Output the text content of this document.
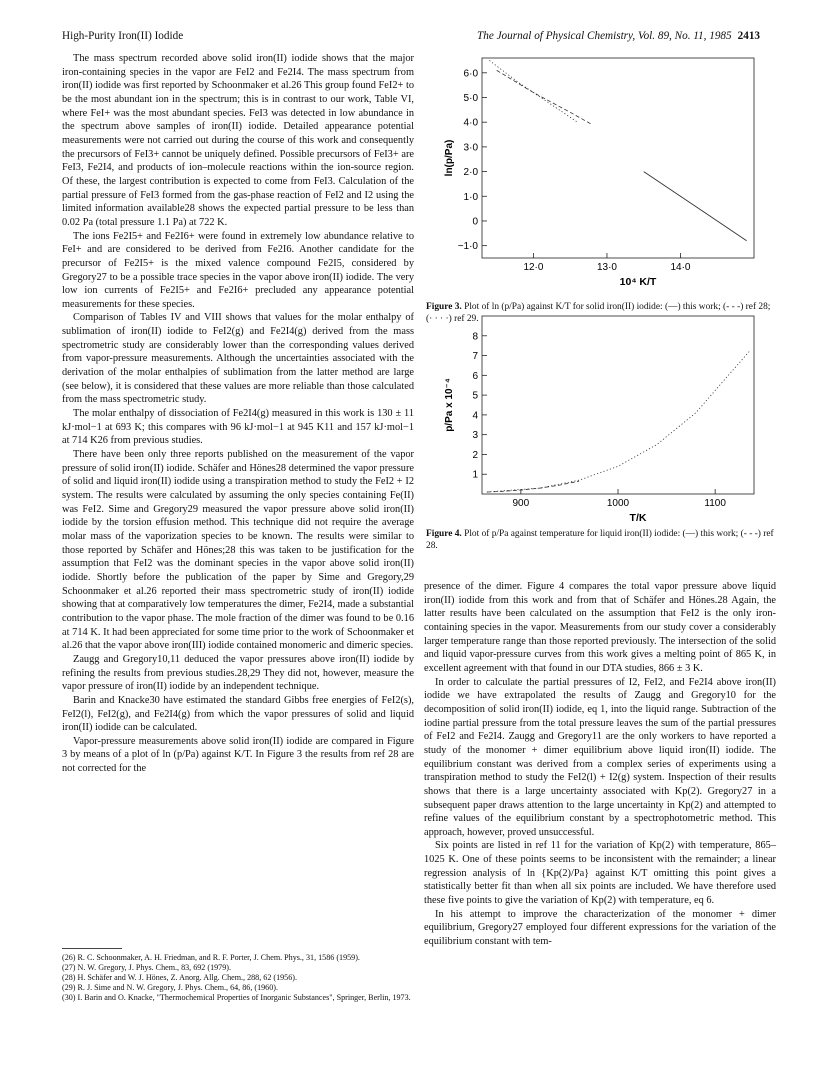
High-Purity Iron(II) Iodide	The Journal of Physical Chemistry, Vol. 89, No. 11, 1985 2413

The mass spectrum recorded above solid iron(II) iodide shows that the major iron-containing species in the vapor are FeI2 and Fe2I4. The mass spectrum from iron(II) iodide was first reported by Schoonmaker et al.26 This group found FeI2+ to be the most abundant ion in the spectrum; this is in contrast to our work, Table VI, where FeI+ was the most abundant species. FeI3 was detected in low abundance in the spectrum above samples of iron(II) iodide. Detailed appearance potential measurements were not carried out during the course of this work and consequently the precursors of FeI3+ cannot be uniquely defined. Possible precursors of FeI3+ are FeI3, Fe2I4, and products of ion–molecule reactions within the ion-source region. Of these, the largest contribution is expected to come from FeI3. Calculation of the partial pressure of FeI3 formed from the gas-phase reaction of FeI2 and I2 using the limited information available28 shows the expected partial pressure to be less than 0.02 Pa (total pressure 1.1 Pa) at 722 K.

The ions Fe2I5+ and Fe2I6+ were found in extremely low abundance relative to FeI+ and are considered to be derived from Fe2I6. Another candidate for the precursor of Fe2I5+ is the mixed valence compound Fe2I5, considered by Gregory27 to be a possible trace species in the vapor above iron(II) iodide. The very low ion currents of Fe2I5+ and Fe2I6+ precluded any appearance potential measurements for these species.

Comparison of Tables IV and VIII shows that values for the molar enthalpy of sublimation of iron(II) iodide to FeI2(g) and Fe2I4(g) derived from the mass spectrometric study are considerably lower than the corresponding values derived from vapor-pressure measurements. Although the uncertainties associated with the derivation of the molar enthalpies of sublimation from the latter method are large (see below), it is considered that these values are more reliable than those calculated from the mass spectrometric study.

The molar enthalpy of dissociation of Fe2I4(g) measured in this work is 130 ± 11 kJ·mol−1 at 693 K; this compares with 96 kJ·mol−1 at 945 K11 and 157 kJ·mol−1 at 714 K26 from previous studies.

There have been only three reports published on the measurement of the vapor pressure of solid iron(II) iodide. Schäfer and Hönes28 determined the vapor pressure of solid and liquid iron(II) iodide using a transpiration method to study the FeI2 + I2 system. The results were calculated by assuming the only species containing Fe(II) was FeI2. Sime and Gregory29 measured the vapor pressure above solid iron(II) iodide by the torsion effusion method. This technique did not require the average molar mass of the vaporization species to be known. The results were similar to those reported by Schäfer and Hönes;28 this was taken to be justification for the assumption that FeI2 was the dominant species in the vapor above solid iron(II) iodide. Shortly before the publication of the paper by Sime and Gregory,29 Schoonmaker et al.26 reported their mass spectrometric study of iron(II) iodide showing that at comparatively low temperatures the dimer, Fe2I4, made a substantial contribution to the vapor phase. The mole fraction of the dimer was found to be 0.16 at 714 K. It had been appreciated for some time prior to the work of Schoonmaker et al.26 that the vapor above iron(III) iodide contained monomeric and dimeric species.

Zaugg and Gregory10,11 deduced the vapor pressures above iron(II) iodide by refining the results from previous studies.28,29 They did not, however, measure the vapor pressure of iron(II) iodide by an independent technique.

Barin and Knacke30 have estimated the standard Gibbs free energies of FeI2(s), FeI2(l), FeI2(g), and Fe2I4(g) from which the vapor pressures of solid and liquid iron(II) iodide can be calculated.

Vapor-pressure measurements above solid iron(II) iodide are compared in Figure 3 by means of a plot of ln (p/Pa) against K/T. In Figure 3 the results from ref 28 are not corrected for the

(26) R. C. Schoonmaker, A. H. Friedman, and R. F. Porter, J. Chem. Phys., 31, 1586 (1959).

(27) N. W. Gregory, J. Phys. Chem., 83, 692 (1979).

(28) H. Schäfer and W. J. Hönes, Z. Anorg. Allg. Chem., 288, 62 (1956).

(29) R. J. Sime and N. W. Gregory, J. Phys. Chem., 64, 86, (1960).

(30) I. Barin and O. Knacke, "Thermochemical Properties of Inorganic Substances", Springer, Berlin, 1973.

6·0
5·0
4·0
3·0
2·0
1·0
0
−1·0
12·0	13·0	14·0
10⁴ K/T
ln(p/Pa)
Figure 3. Plot of ln (p/Pa) against K/T for solid iron(II) iodide: (—) this work; (- - -) ref 28; (· · · ·) ref 29.
1
2
3
4
5
6
7
8
900	1000	1100
T/K
p/Pa x 10⁻⁴
Figure 4. Plot of p/Pa against temperature for liquid iron(II) iodide: (—) this work; (- - -) ref 28.

presence of the dimer. Figure 4 compares the total vapor pressure above liquid iron(II) iodide from this work and from that of Schäfer and Hönes.28 Again, the latter results have been calculated on the assumption that FeI2 is the only iron-containing species in the vapor. Measurements from our study cover a considerably larger temperature range than those reported previously. The intersection of the solid and liquid vapor-pressure curves from this work gives a melting point of 865 K, in excellent agreement with that found in our DTA studies, 866 ± 3 K.

In order to calculate the partial pressures of I2, FeI2, and Fe2I4 above iron(II) iodide we have extrapolated the results of Zaugg and Gregory10 for the decomposition of solid iron(II) iodide, eq 1, into the liquid range. Subtraction of the iodine partial pressure from the total pressure leaves the sum of the partial pressures of FeI2 and Fe2I4. Zaugg and Gregory11 are the only workers to have reported a study of the monomer + dimer equilibrium above liquid iron(II) iodide. The equilibrium constant was derived from a complex series of experiments using a transpiration method to study the FeI2(l) + I2(g) system. Inspection of their results shows that there is a large uncertainty associated with Kp(2). Gregory27 in a subsequent paper draws attention to the large uncertainty in Kp(2) and attempted to refine values of the equilibrium constant by a spectrophotometric method. This approach, however, proved unsuccessful.

Six points are listed in ref 11 for the variation of Kp(2) with temperature, 865–1025 K. One of these points seems to be inconsistent with the remainder; a linear regression analysis of ln {Kp(2)/Pa} against K/T omitting this point gives a statistically better fit than when all six points are included. We have therefore used these five points to give the variation of Kp(2) with temperature, eq 6.

In his attempt to improve the characterization of the monomer + dimer equilibrium, Gregory27 employed four different expressions for the variation of the equilibrium constant with tem-
